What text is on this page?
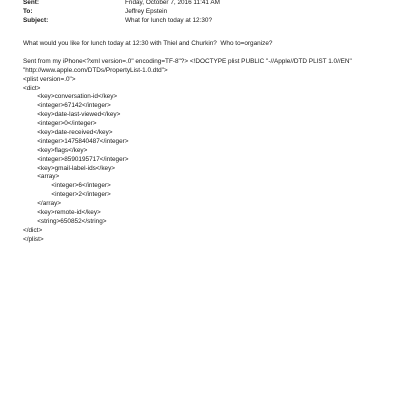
Sent:	Friday, October 7, 2016 11:41 AM
To:	Jeffrey Epstein
Subject:	What for lunch today at 12:30?
What would you like for lunch today at 12:30 with Thiel and Churkin?  Who to=organize?
Sent from my iPhone<?xml version=.0" encoding=TF-8"?> <!DOCTYPE plist PUBLIC "-//Apple//DTD PLIST 1.0//EN"
"http://www.apple.com/DTDs/PropertyList-1.0.dtd">
<plist version=.0">
<dict>
<key>conversation-id</key>
<integer>67142</integer>
<key>date-last-viewed</key>
<integer>0</integer>
<key>date-received</key>
<integer>1475840487</integer>
<key>flags</key>
<integer>8590195717</integer>
<key>gmail-label-ids</key>
<array>
<integer>6</integer>
<integer>2</integer>
</array>
<key>remote-id</key>
<string>650852</string>
</dict>
</plist>
